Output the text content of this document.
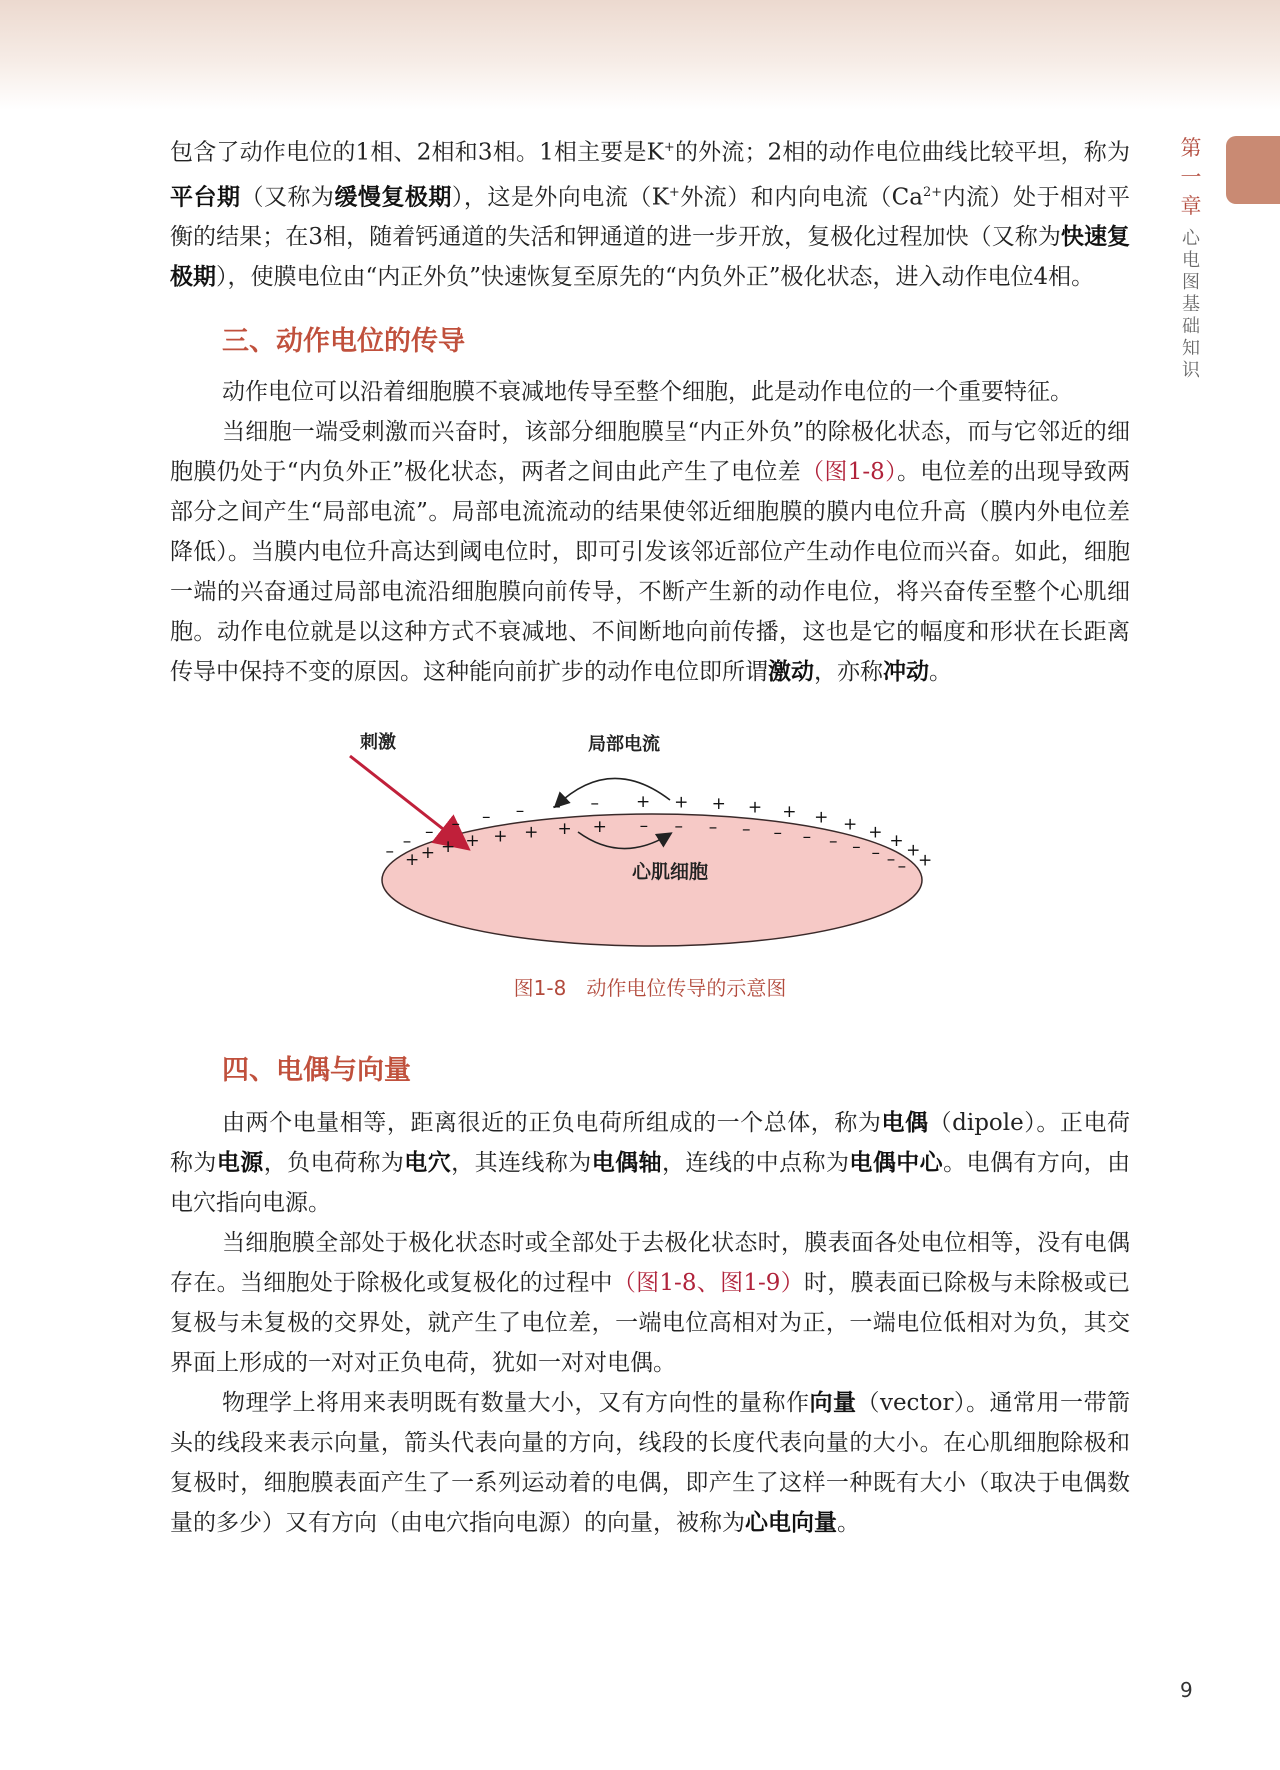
第
一
章
心
电
图
基
础
知
识

包含了动作电位的1相、2相和3相。1相主要是K+的外流；2相的动作电位曲线比较平坦，称为平台期（又称为缓慢复极期），这是外向电流（K+外流）和内向电流（$Ca^{2+}$内流）处于相对平衡的结果；在3相，随着钙通道的失活和钾通道的进一步开放，复极化过程加快（又称为快速复极期），使膜电位由“内正外负”快速恢复至原先的“内负外正”极化状态，进入动作电位4相。

三、动作电位的传导

动作电位可以沿着细胞膜不衰减地传导至整个细胞，此是动作电位的一个重要特征。

当细胞一端受刺激而兴奋时，该部分细胞膜呈“内正外负”的除极化状态，而与它邻近的细胞膜仍处于“内负外正”极化状态，两者之间由此产生了电位差（图1-8）。电位差的出现导致两部分之间产生“局部电流”。局部电流流动的结果使邻近细胞膜的膜内电位升高（膜内外电位差降低）。当膜内电位升高达到阈电位时，即可引发该邻近部位产生动作电位而兴奋。如此，细胞一端的兴奋通过局部电流沿细胞膜向前传导，不断产生新的动作电位，将兴奋传至整个心肌细胞。动作电位就是以这种方式不衰减地、不间断地向前传播，这也是它的幅度和形状在长距离传导中保持不变的原因。这种能向前扩步的动作电位即所谓激动，亦称冲动。

刺激	局部电流
心肌细胞
– +
–
+
–
+
–
+
–
+
–
+
–
+
–
+
+
–
+
–
+
–
+
–
+
–
+
–
+
– +
– +
– +
– +
–
图1-8　动作电位传导的示意图
四、电偶与向量

由两个电量相等，距离很近的正负电荷所组成的一个总体，称为电偶（dipole）。正电荷称为电源，负电荷称为电穴，其连线称为电偶轴，连线的中点称为电偶中心。电偶有方向，由电穴指向电源。

当细胞膜全部处于极化状态时或全部处于去极化状态时，膜表面各处电位相等，没有电偶存在。当细胞处于除极化或复极化的过程中（图1-8、图1-9）时，膜表面已除极与未除极或已复极与未复极的交界处，就产生了电位差，一端电位高相对为正，一端电位低相对为负，其交界面上形成的一对对正负电荷，犹如一对对电偶。

物理学上将用来表明既有数量大小，又有方向性的量称作向量（vector）。通常用一带箭头的线段来表示向量，箭头代表向量的方向，线段的长度代表向量的大小。在心肌细胞除极和复极时，细胞膜表面产生了一系列运动着的电偶，即产生了这样一种既有大小（取决于电偶数量的多少）又有方向（由电穴指向电源）的向量，被称为心电向量。

9
